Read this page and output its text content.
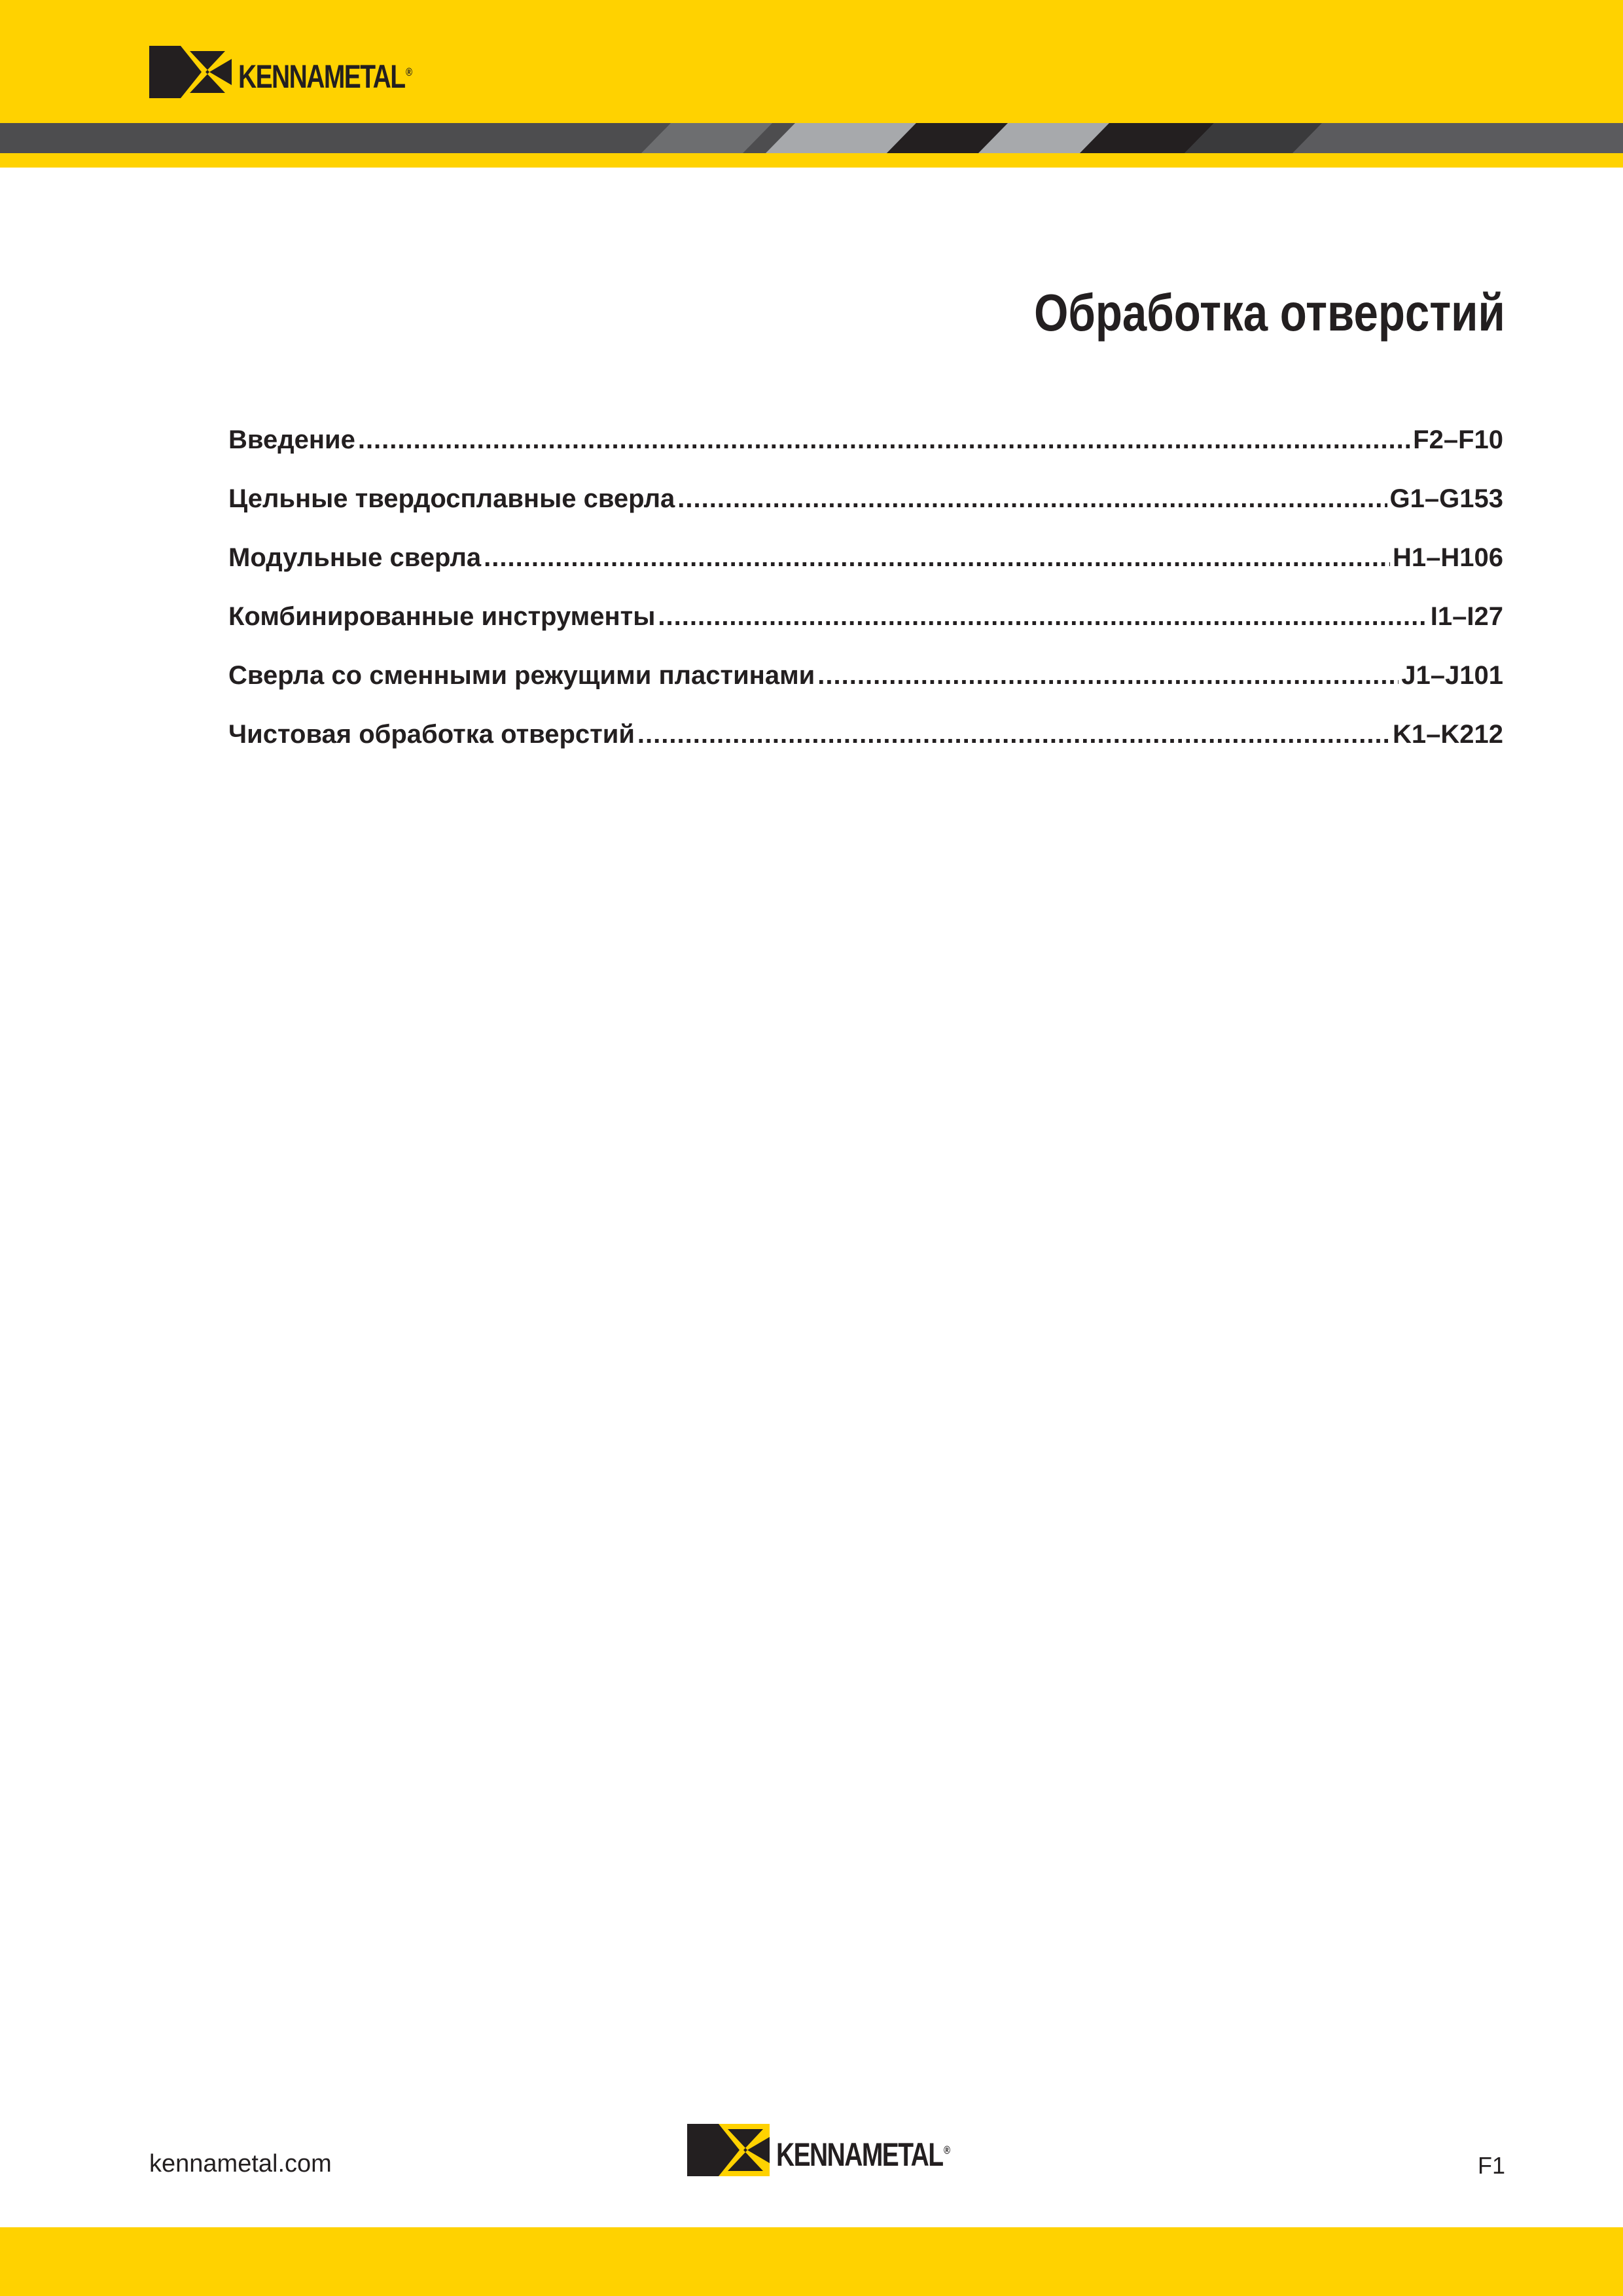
KENNAMETAL®
Обработка отверстий
Введение .....	F2–F10
Цельные твердосплавные сверла .....	G1–G153
Модульные сверла .....	H1–H106
Комбинированные инструменты .....	I1–I27
Сверла со сменными режущими пластинами .....	J1–J101
Чистовая обработка отверстий .....	K1–K212
kennametal.com	KENNAMETAL®
F1
